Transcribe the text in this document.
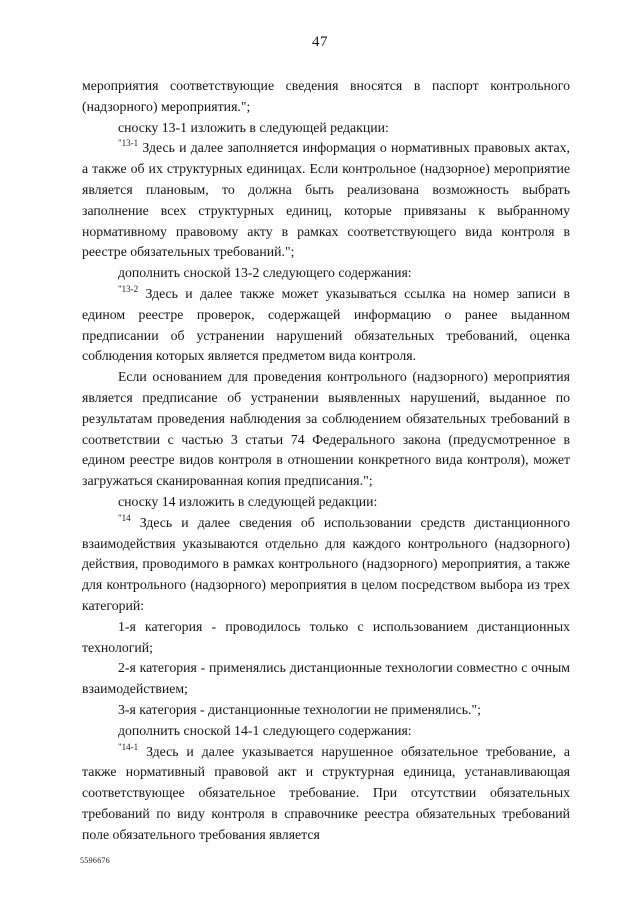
47

мероприятия соответствующие сведения вносятся в паспорт контрольного (надзорного) мероприятия.";

сноску 13-1 изложить в следующей редакции:

$^{"13-1}$ Здесь и далее заполняется информация о нормативных правовых актах, а также об их структурных единицах. Если контрольное (надзорное) мероприятие является плановым, то должна быть реализована возможность выбрать заполнение всех структурных единиц, которые привязаны к выбранному нормативному правовому акту в рамках соответствующего вида контроля в реестре обязательных требований.";

дополнить сноской 13-2 следующего содержания:

$^{"13-2}$ Здесь и далее также может указываться ссылка на номер записи в едином реестре проверок, содержащей информацию о ранее выданном предписании об устранении нарушений обязательных требований, оценка соблюдения которых является предметом вида контроля.

Если основанием для проведения контрольного (надзорного) мероприятия является предписание об устранении выявленных нарушений, выданное по результатам проведения наблюдения за соблюдением обязательных требований в соответствии с частью 3 статьи 74 Федерального закона (предусмотренное в едином реестре видов контроля в отношении конкретного вида контроля), может загружаться сканированная копия предписания.";

сноску 14 изложить в следующей редакции:

$^{"14}$ Здесь и далее сведения об использовании средств дистанционного взаимодействия указываются отдельно для каждого контрольного (надзорного) действия, проводимого в рамках контрольного (надзорного) мероприятия, а также для контрольного (надзорного) мероприятия в целом посредством выбора из трех категорий:

1-я категория - проводилось только с использованием дистанционных технологий;

2-я категория - применялись дистанционные технологии совместно с очным взаимодействием;

3-я категория - дистанционные технологии не применялись.";

дополнить сноской 14-1 следующего содержания:

$^{"14-1}$ Здесь и далее указывается нарушенное обязательное требование, а также нормативный правовой акт и структурная единица, устанавливающая соответствующее обязательное требование. При отсутствии обязательных требований по виду контроля в справочнике реестра обязательных требований поле обязательного требования является

5596676
